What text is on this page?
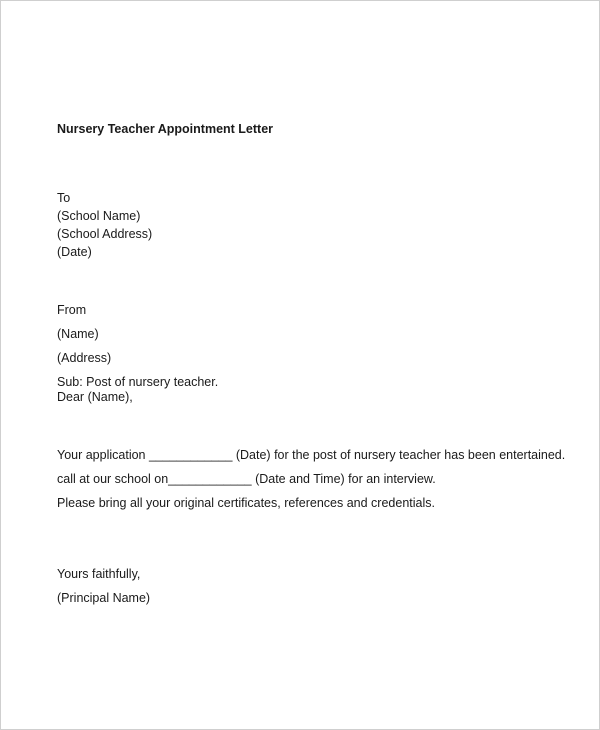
Nursery Teacher Appointment Letter
To
(School Name)
(School Address)
(Date)
From
(Name)
(Address)
Sub: Post of nursery teacher.
Dear (Name),
Your application ____________ (Date) for the post of nursery teacher has been entertained.
call at our school on____________ (Date and Time) for an interview.
Please bring all your original certificates, references and credentials.
Yours faithfully,
(Principal Name)
